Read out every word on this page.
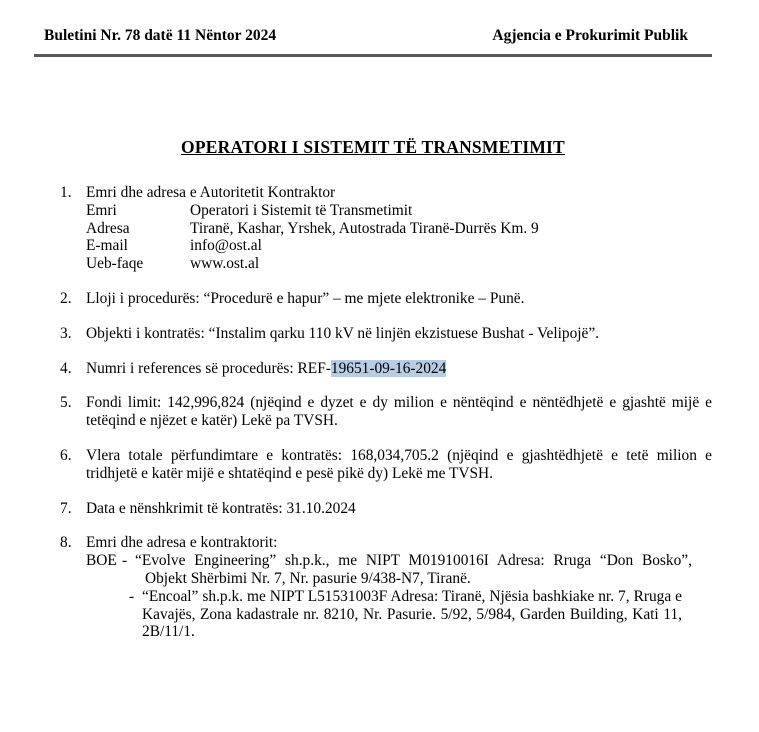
Buletini Nr. 78 datë 11 Nëntor 2024	Agjencia e Prokurimit Publik
OPERATORI I SISTEMIT TË TRANSMETIMIT
1. Emri dhe adresa e Autoritetit Kontraktor
Emri	Operatori i Sistemit të Transmetimit
Adresa	Tiranë, Kashar, Yrshek, Autostrada Tiranë-Durrës Km. 9
E-mail	info@ost.al
Ueb-faqe	www.ost.al
2. Lloji i procedurës: “Procedurë e hapur” – me mjete elektronike – Punë.
3. Objekti i kontratës: “Instalim qarku 110 kV në linjën ekzistuese Bushat - Velipojë”.
4. Numri i references së procedurës: REF-19651-09-16-2024
5. Fondi limit: 142,996,824 (njëqind e dyzet e dy milion e nëntëqind e nëntëdhjetë e gjashtë mijë e tetëqind e njëzet e katër) Lekë pa TVSH.
6. Vlera totale përfundimtare e kontratës: 168,034,705.2 (njëqind e gjashtëdhjetë e tetë milion e tridhjetë e katër mijë e shtatëqind e pesë pikë dy) Lekë me TVSH.
7. Data e nënshkrimit të kontratës: 31.10.2024
8. Emri dhe adresa e kontraktorit:
BOE - “Evolve Engineering” sh.p.k., me NIPT M01910016I Adresa: Rruga “Don Bosko”, Objekt Shërbimi Nr. 7, Nr. pasurie 9/438-N7, Tiranë.
- “Encoal” sh.p.k. me NIPT L51531003F Adresa: Tiranë, Njësia bashkiake nr. 7, Rruga e Kavajës, Zona kadastrale nr. 8210, Nr. Pasurie. 5/92, 5/984, Garden Building, Kati 11, 2B/11/1.
